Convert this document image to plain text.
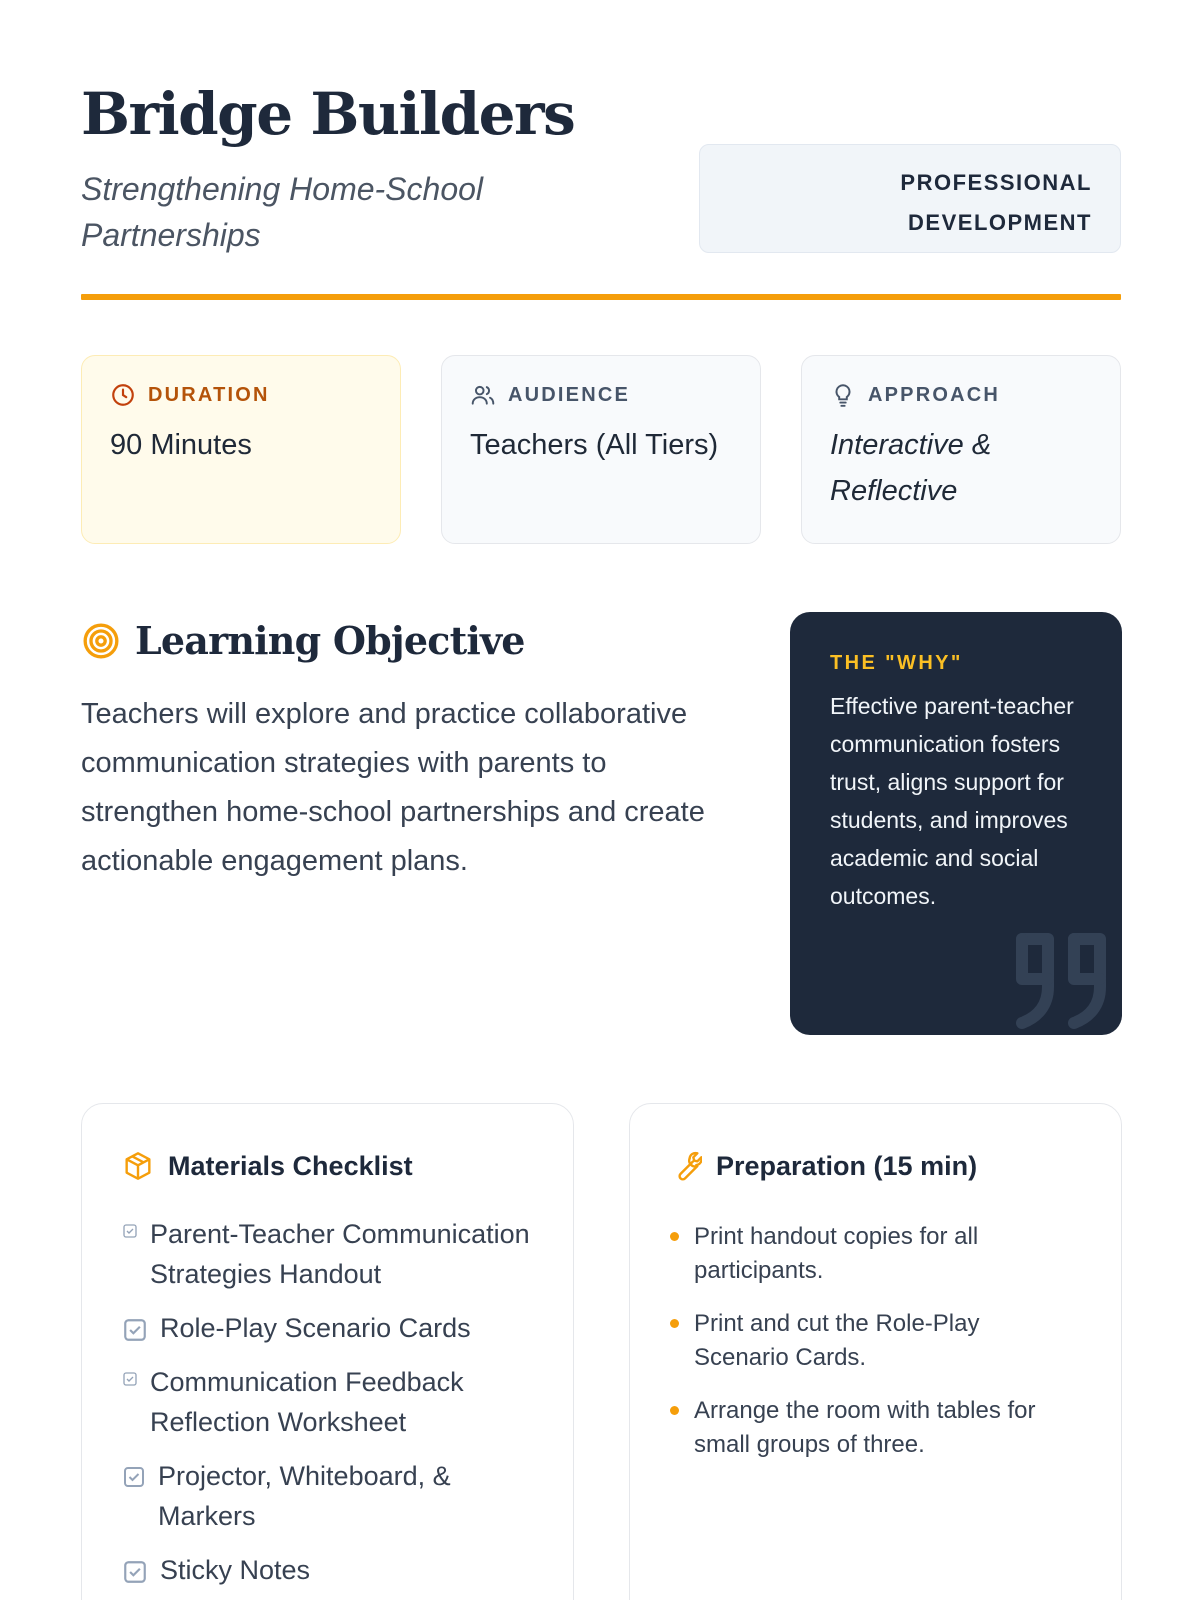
Bridge Builders

Strengthening Home-School Partnerships

PROFESSIONAL
DEVELOPMENT
DURATION
90 Minutes
AUDIENCE
Teachers (All Tiers)
APPROACH
Interactive & Reflective
Learning Objective

Teachers will explore and practice collaborative communication strategies with parents to strengthen home-school partnerships and create actionable engagement plans.

THE "WHY"

Effective parent-teacher communication fosters trust, aligns support for students, and improves academic and social outcomes.

Materials Checklist
Parent-Teacher Communication Strategies Handout
Role-Play Scenario Cards
Communication Feedback Reflection Worksheet
Projector, Whiteboard, & Markers
Sticky Notes
Preparation (15 min)
Print handout copies for all participants.
Print and cut the Role-Play Scenario Cards.
Arrange the room with tables for small groups of three.
